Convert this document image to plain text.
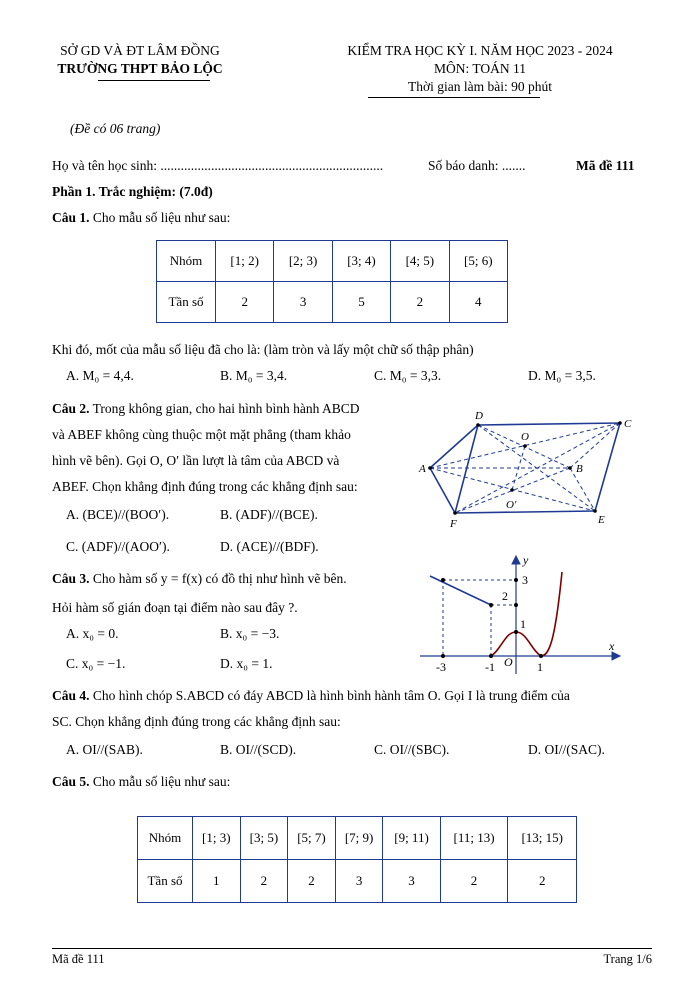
SỞ GD VÀ ĐT LÂM ĐỒNG
TRƯỜNG THPT BẢO LỘC
KIỂM TRA HỌC KỲ I. NĂM HỌC 2023 - 2024
MÔN: TOÁN 11
Thời gian làm bài: 90 phút
(Đề có 06 trang)
Họ và tên học sinh: ..................................................................	Số báo danh: .......	Mã đề 111
Phần 1. Trắc nghiệm: (7.0đ)
Câu 1. Cho mẫu số liệu như sau:
Nhóm	[1; 2)	[2; 3)	[3; 4)	[4; 5)	[5; 6)
Tần số	2	3	5	2	4
Khi đó, mốt của mẫu số liệu đã cho là: (làm tròn và lấy một chữ số thập phân)
A. M₀ = 4,4.	B. M₀ = 3,4.	C. M₀ = 3,3.	D. M₀ = 3,5.
Câu 2. Trong không gian, cho hai hình bình hành ABCD
và ABEF không cùng thuộc một mặt phẳng (tham khảo
hình vẽ bên). Gọi O, O′ lần lượt là tâm của ABCD và
ABEF. Chọn khẳng định đúng trong các khẳng định sau:
A. (BCE)//(BOO′).	B. (ADF)//(BCE).
C. (ADF)//(AOO′).	D. (ACE)//(BDF).
D
C
A	B
F	E
O
O′
Câu 3. Cho hàm số y = f(x) có đồ thị như hình vẽ bên.
Hỏi hàm số gián đoạn tại điểm nào sau đây ?.
A. x₀ = 0.	B. x₀ = −3.
C. x₀ = −1.	D. x₀ = 1.
y
x
3
2
1
-3	-1 O 1
Câu 4. Cho hình chóp S.ABCD có đáy ABCD là hình bình hành tâm O. Gọi I là trung điểm của
SC. Chọn khẳng định đúng trong các khẳng định sau:
A. OI//(SAB).	B. OI//(SCD).	C. OI//(SBC).	D. OI//(SAC).
Câu 5. Cho mẫu số liệu như sau:
Nhóm	[1; 3)	[3; 5)	[5; 7)	[7; 9)	[9; 11)	[11; 13)	[13; 15)
Tần số	1	2	2	3	3	2	2
Mã đề 111	Trang 1/6
